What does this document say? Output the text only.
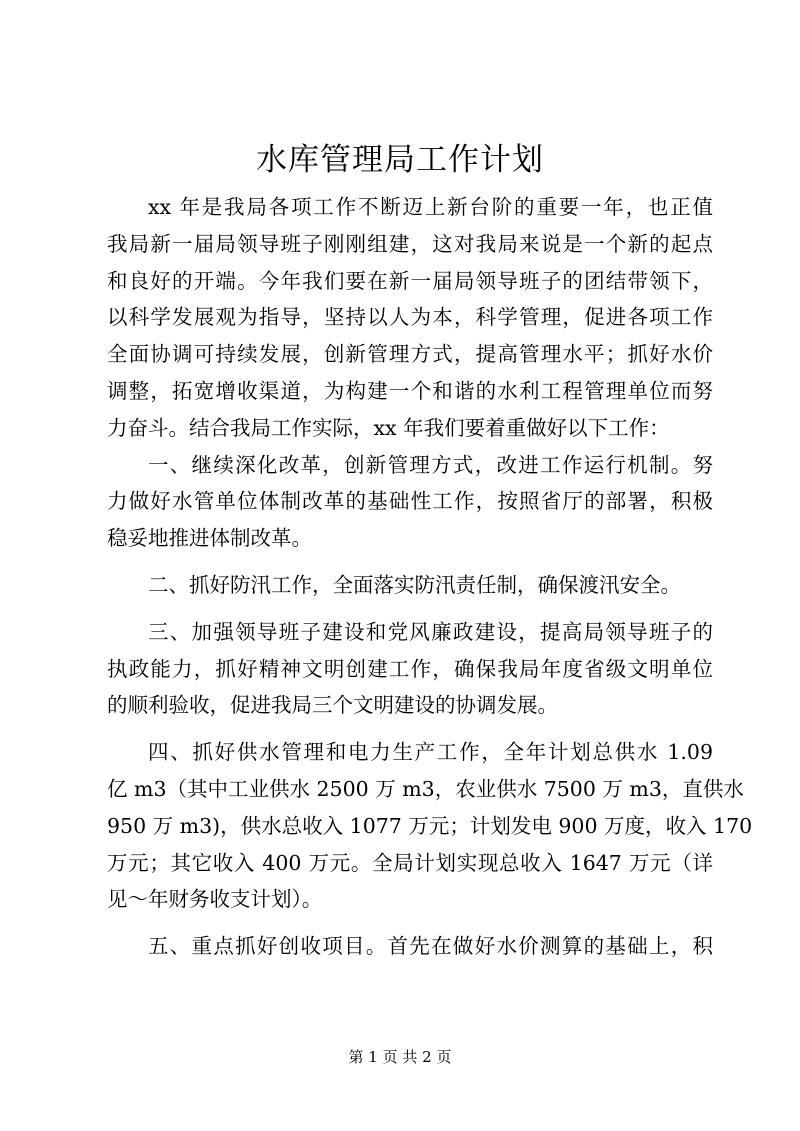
水库管理局工作计划

xx 年是我局各项工作不断迈上新台阶的重要一年，也正值
我局新一届局领导班子刚刚组建，这对我局来说是一个新的起点
和良好的开端。今年我们要在新一届局领导班子的团结带领下，
以科学发展观为指导，坚持以人为本，科学管理，促进各项工作
全面协调可持续发展，创新管理方式，提高管理水平；抓好水价
调整，拓宽增收渠道，为构建一个和谐的水利工程管理单位而努
力奋斗。结合我局工作实际，xx 年我们要着重做好以下工作：

一、继续深化改革，创新管理方式，改进工作运行机制。努
力做好水管单位体制改革的基础性工作，按照省厅的部署，积极
稳妥地推进体制改革。

二、抓好防汛工作，全面落实防汛责任制，确保渡汛安全。

三、加强领导班子建设和党风廉政建设，提高局领导班子的
执政能力，抓好精神文明创建工作，确保我局年度省级文明单位
的顺利验收，促进我局三个文明建设的协调发展。

四、抓好供水管理和电力生产工作，全年计划总供水 1.09
亿 m3（其中工业供水 2500 万 m3，农业供水 7500 万 m3，直供水
950 万 m3)，供水总收入 1077 万元；计划发电 900 万度，收入 170
万元；其它收入 400 万元。全局计划实现总收入 1647 万元（详
见～年财务收支计划）。

五、重点抓好创收项目。首先在做好水价测算的基础上，积

第 1 页 共 2 页
